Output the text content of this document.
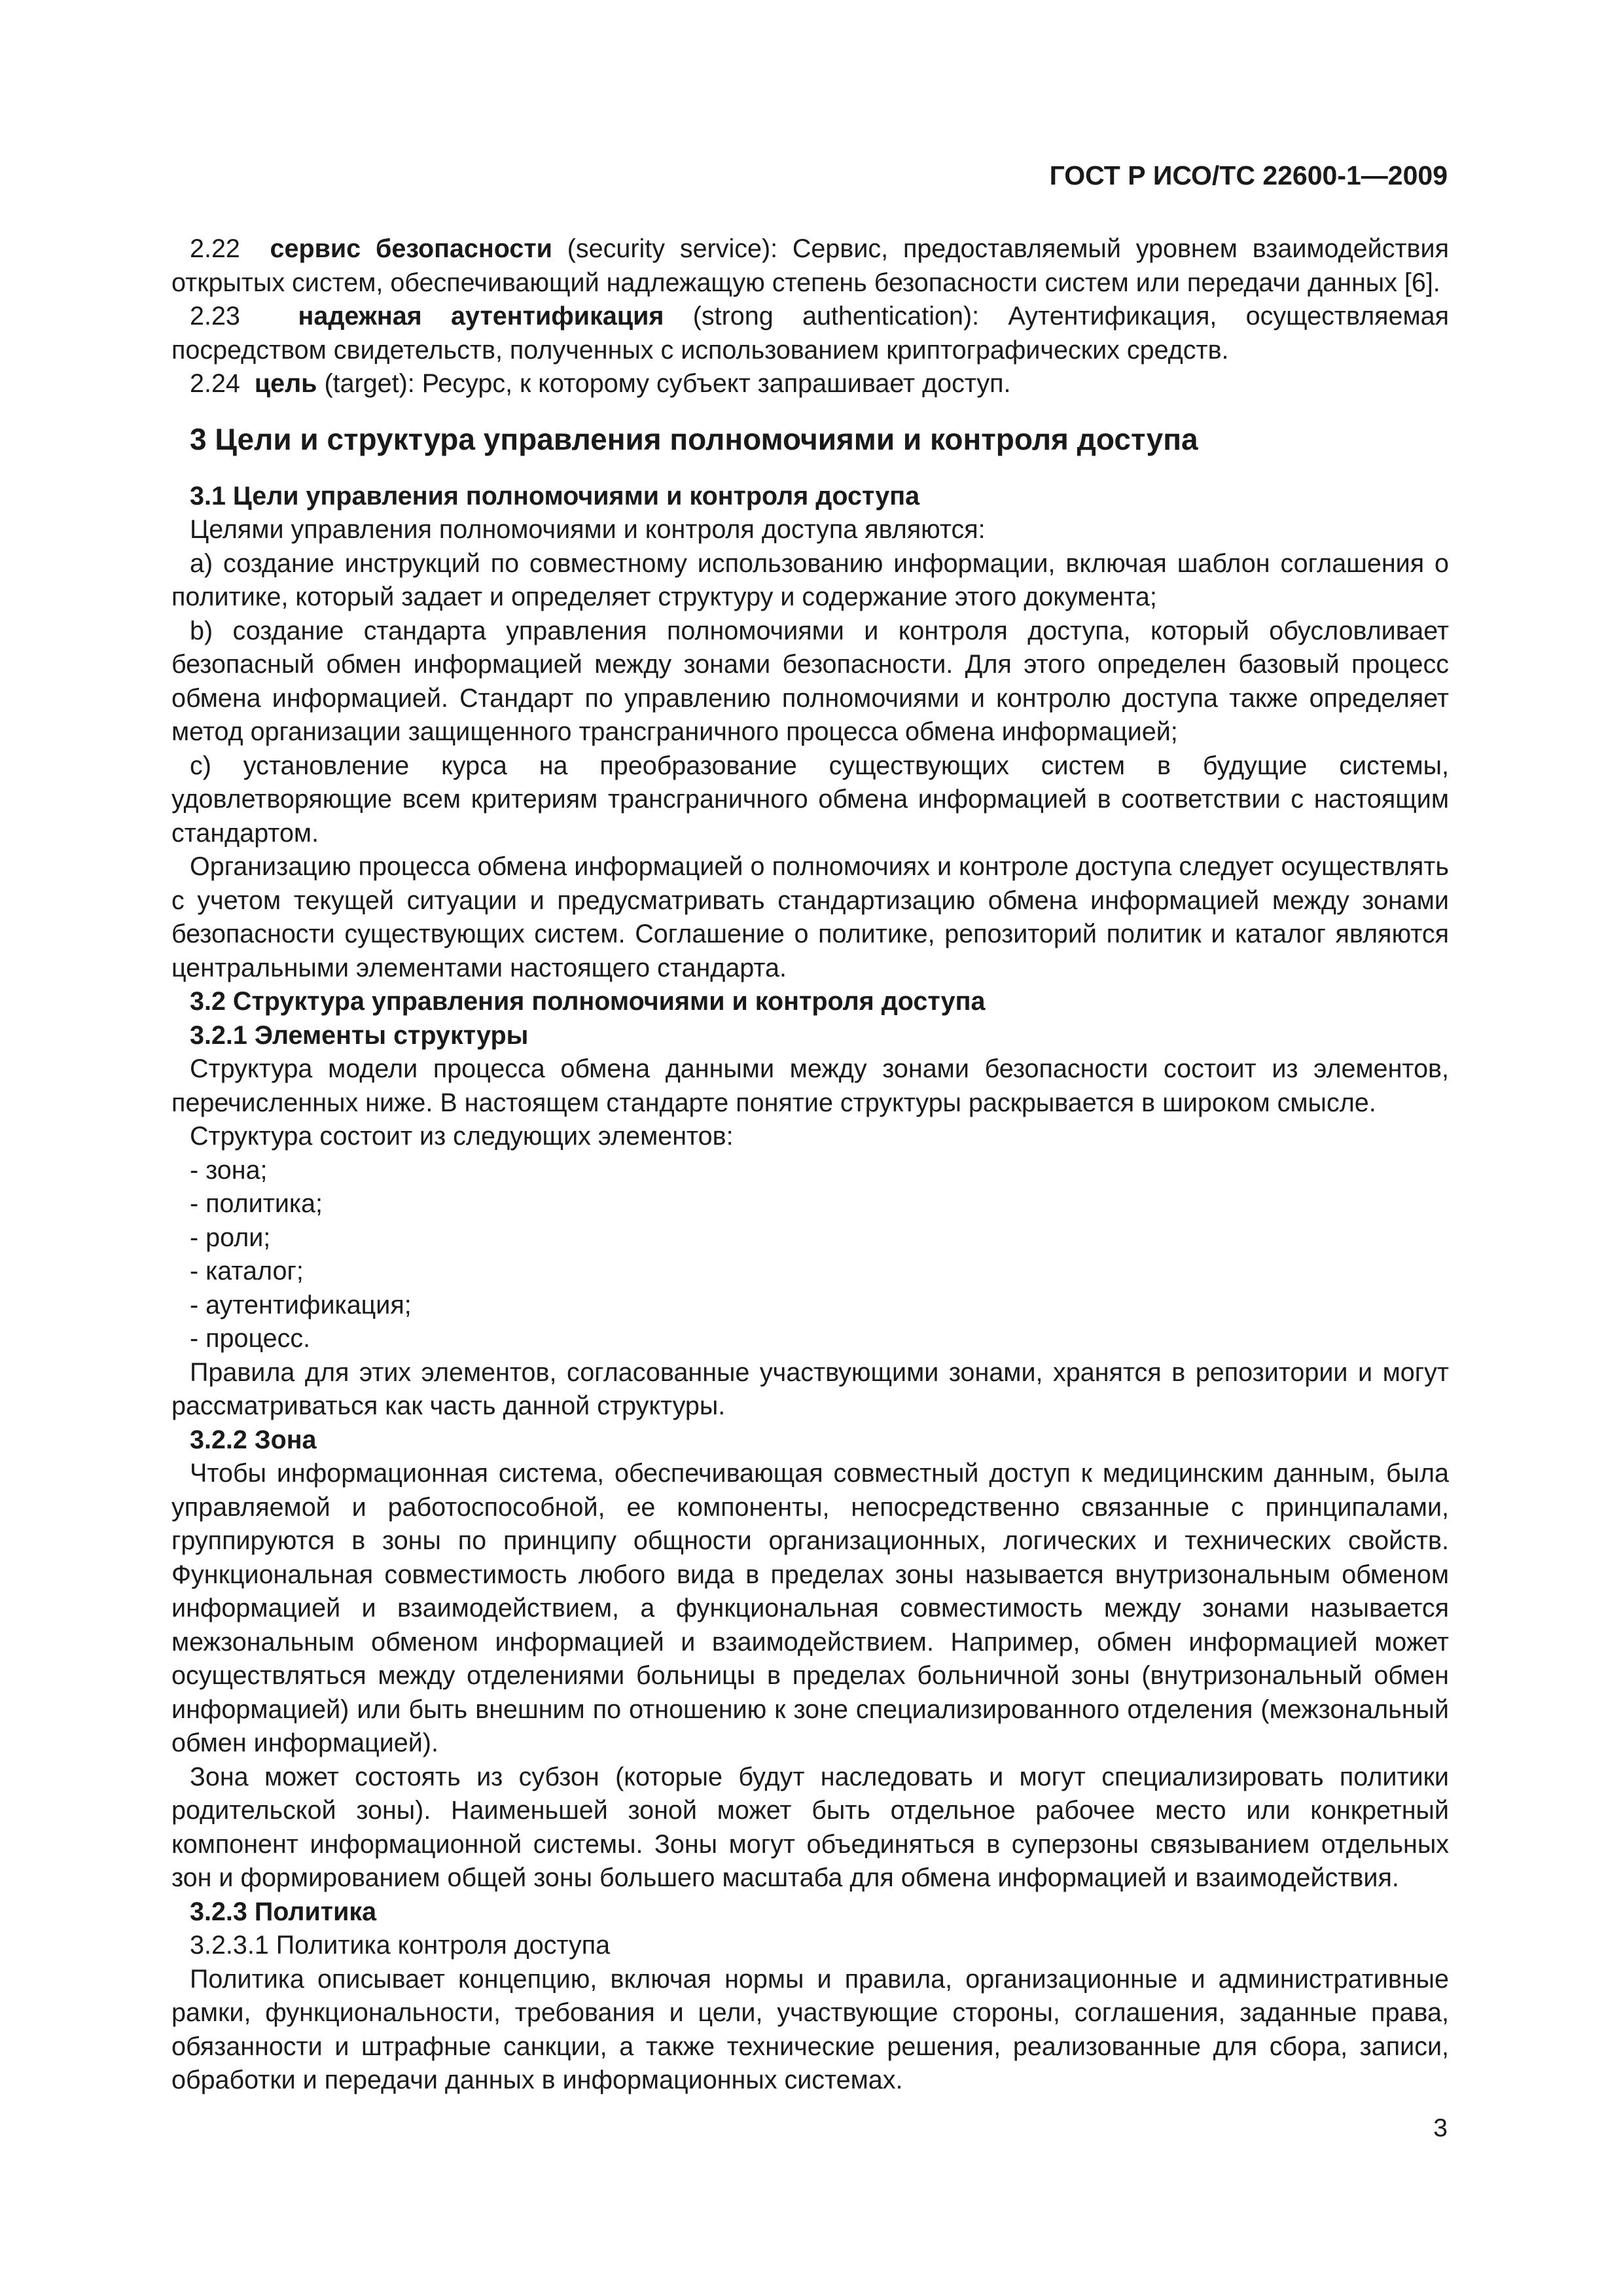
ГОСТ Р ИСО/ТС 22600-1—2009

2.22 сервис безопасности (security service): Сервис, предоставляемый уровнем взаимодействия открытых систем, обеспечивающий надлежащую степень безопасности систем или передачи данных [6].

2.23 надежная аутентификация (strong authentication): Аутентификация, осуществляемая посредством свидетельств, полученных с использованием криптографических средств.

2.24 цель (target): Ресурс, к которому субъект запрашивает доступ.

3 Цели и структура управления полномочиями и контроля доступа

3.1 Цели управления полномочиями и контроля доступа

Целями управления полномочиями и контроля доступа являются:

а) создание инструкций по совместному использованию информации, включая шаблон соглашения о политике, который задает и определяет структуру и содержание этого документа;

b) создание стандарта управления полномочиями и контроля доступа, который обусловливает безопасный обмен информацией между зонами безопасности. Для этого определен базовый процесс обмена информацией. Стандарт по управлению полномочиями и контролю доступа также определяет метод организации защищенного трансграничного процесса обмена информацией;

с) установление курса на преобразование существующих систем в будущие системы, удовлетворяющие всем критериям трансграничного обмена информацией в соответствии с настоящим стандартом.

Организацию процесса обмена информацией о полномочиях и контроле доступа следует осуществлять с учетом текущей ситуации и предусматривать стандартизацию обмена информацией между зонами безопасности существующих систем. Соглашение о политике, репозиторий политик и каталог являются центральными элементами настоящего стандарта.

3.2 Структура управления полномочиями и контроля доступа

3.2.1 Элементы структуры

Структура модели процесса обмена данными между зонами безопасности состоит из элементов, перечисленных ниже. В настоящем стандарте понятие структуры раскрывается в широком смысле.

Структура состоит из следующих элементов:

- зона;

- политика;

- роли;

- каталог;

- аутентификация;

- процесс.

Правила для этих элементов, согласованные участвующими зонами, хранятся в репозитории и могут рассматриваться как часть данной структуры.

3.2.2 Зона

Чтобы информационная система, обеспечивающая совместный доступ к медицинским данным, была управляемой и работоспособной, ее компоненты, непосредственно связанные с принципалами, группируются в зоны по принципу общности организационных, логических и технических свойств. Функциональная совместимость любого вида в пределах зоны называется внутризональным обменом информацией и взаимодействием, а функциональная совместимость между зонами называется межзональным обменом информацией и взаимодействием. Например, обмен информацией может осуществляться между отделениями больницы в пределах больничной зоны (внутризональный обмен информацией) или быть внешним по отношению к зоне специализированного отделения (межзональный обмен информацией).

Зона может состоять из субзон (которые будут наследовать и могут специализировать политики родительской зоны). Наименьшей зоной может быть отдельное рабочее место или конкретный компонент информационной системы. Зоны могут объединяться в суперзоны связыванием отдельных зон и формированием общей зоны большего масштаба для обмена информацией и взаимодействия.

3.2.3 Политика

3.2.3.1 Политика контроля доступа

Политика описывает концепцию, включая нормы и правила, организационные и административные рамки, функциональности, требования и цели, участвующие стороны, соглашения, заданные права, обязанности и штрафные санкции, а также технические решения, реализованные для сбора, записи, обработки и передачи данных в информационных системах.

3
